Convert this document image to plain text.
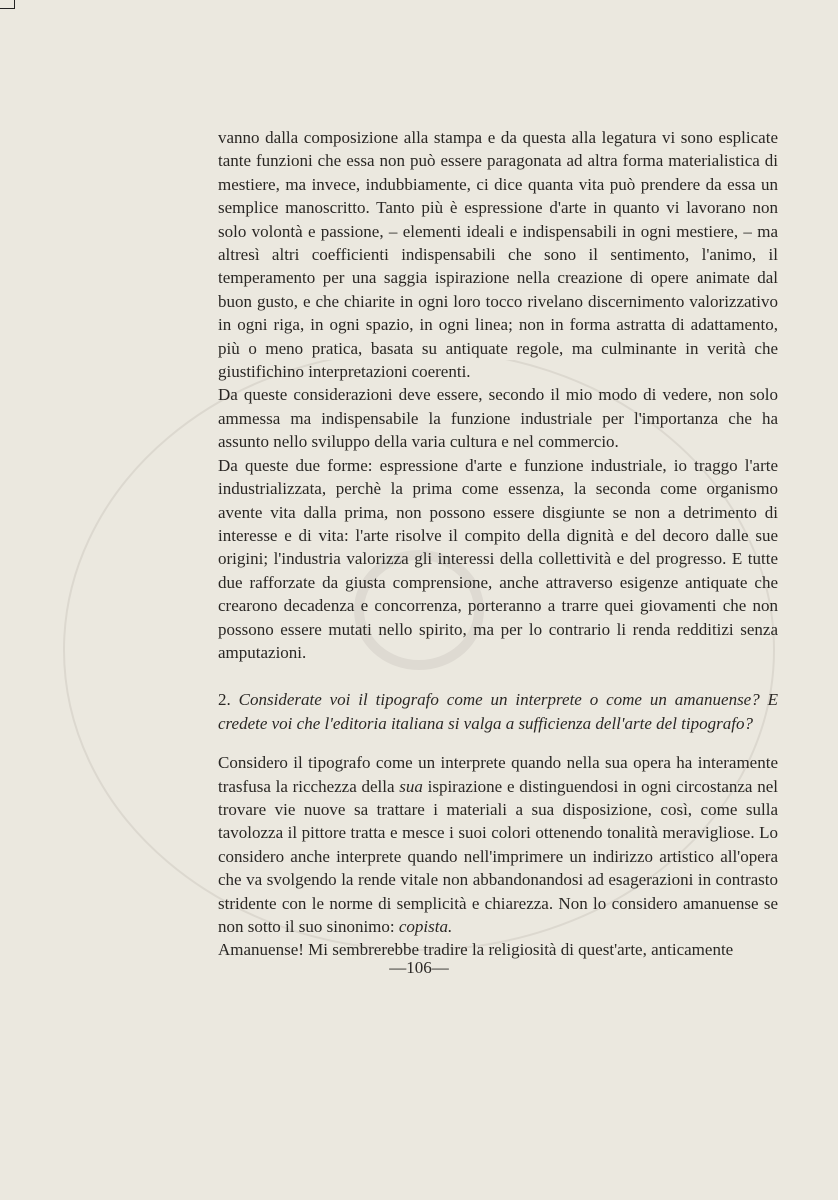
vanno dalla composizione alla stampa e da questa alla legatura vi sono esplicate tante funzioni che essa non può essere paragonata ad altra forma materialistica di mestiere, ma invece, indubbiamente, ci dice quanta vita può prendere da essa un semplice manoscritto. Tanto più è espressione d'arte in quanto vi lavorano non solo volontà e passione, – elementi ideali e indispensabili in ogni mestiere, – ma altresì altri coefficienti indispensabili che sono il sentimento, l'animo, il temperamento per una saggia ispirazione nella creazione di opere animate dal buon gusto, e che chiarite in ogni loro tocco rivelano discernimento valorizzativo in ogni riga, in ogni spazio, in ogni linea; non in forma astratta di adattamento, più o meno pratica, basata su antiquate regole, ma culminante in verità che giustifichino interpretazioni coerenti.

Da queste considerazioni deve essere, secondo il mio modo di vedere, non solo ammessa ma indispensabile la funzione industriale per l'importanza che ha assunto nello sviluppo della varia cultura e nel commercio.

Da queste due forme: espressione d'arte e funzione industriale, io traggo l'arte industrializzata, perchè la prima come essenza, la seconda come organismo avente vita dalla prima, non possono essere disgiunte se non a detrimento di interesse e di vita: l'arte risolve il compito della dignità e del decoro dalle sue origini; l'industria valorizza gli interessi della collettività e del progresso. E tutte due rafforzate da giusta comprensione, anche attraverso esigenze antiquate che crearono decadenza e concorrenza, porteranno a trarre quei giovamenti che non possono essere mutati nello spirito, ma per lo contrario li renda redditizi senza amputazioni.

2. Considerate voi il tipografo come un interprete o come un amanuense? E credete voi che l'editoria italiana si valga a sufficienza dell'arte del tipografo?

Considero il tipografo come un interprete quando nella sua opera ha interamente trasfusa la ricchezza della sua ispirazione e distinguendosi in ogni circostanza nel trovare vie nuove sa trattare i materiali a sua disposizione, così, come sulla tavolozza il pittore tratta e mesce i suoi colori ottenendo tonalità meravigliose. Lo considero anche interprete quando nell'imprimere un indirizzo artistico all'opera che va svolgendo la rende vitale non abbandonandosi ad esagerazioni in contrasto stridente con le norme di semplicità e chiarezza. Non lo considero amanuense se non sotto il suo sinonimo: copista.

Amanuense! Mi sembrerebbe tradire la religiosità di quest'arte, anticamente

—106—
